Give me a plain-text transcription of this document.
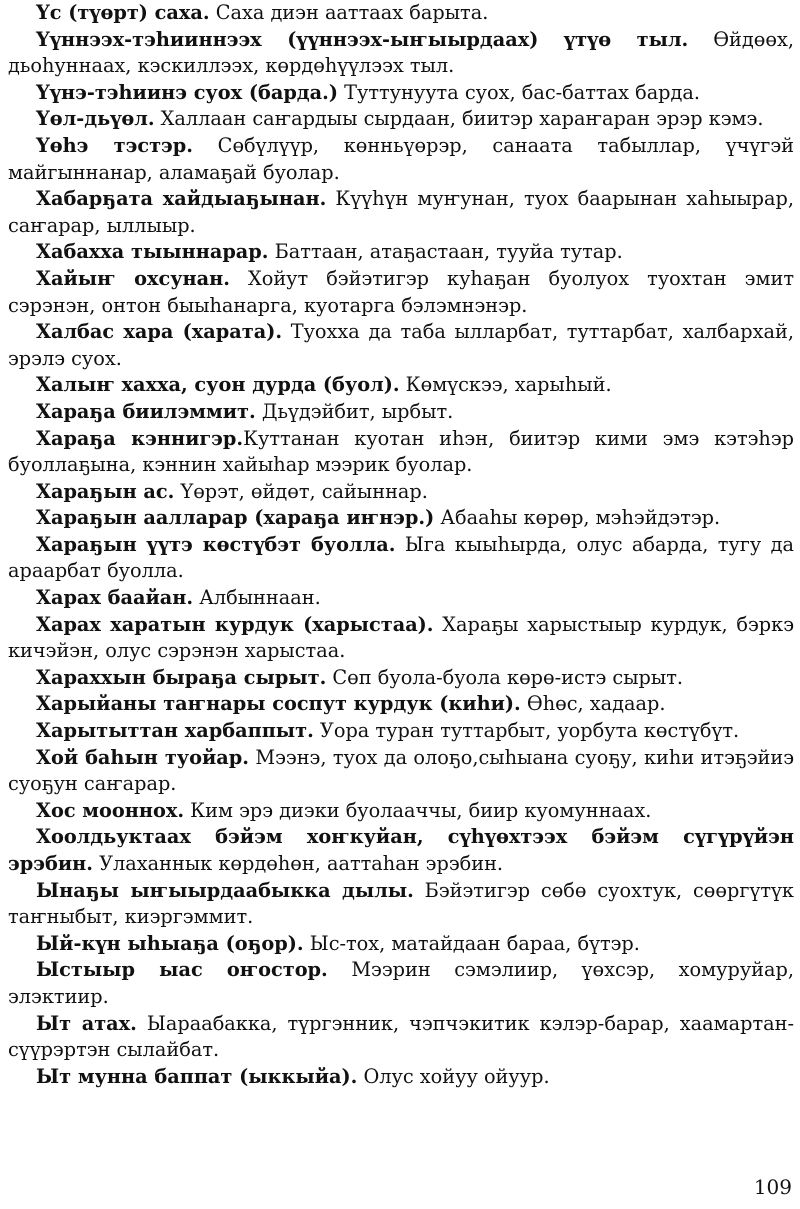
Үс (түөрт) саха. Саха диэн ааттаах барыта.

Үүннээх-тэһииннээх (үүннээх-ыҥыырдаах) үтүө тыл. Өйдөөх, дьоһуннаах, кэскиллээх, көрдөһүүлээх тыл.

Үүнэ-тэһиинэ суох (барда.) Туттунуута суох, бас-баттах барда.

Үөл-дьүөл. Халлаан саҥардыы сырдаан, биитэр хараҥаран эрэр кэмэ.

Үөһэ тэстэр. Сөбүлүүр, көнньүөрэр, санаата табыллар, үчүгэй майгыннанар, аламаҕай буолар.

Хабарҕата хайдыаҕынан. Күүһүн муҥунан, туох баарынан хаһыырар, саҥарар, ыллыыр.

Хабахха тыыннарар. Баттаан, атаҕастаан, тууйа тутар.

Хайыҥ охсунан. Хойут бэйэтигэр куһаҕан буолуох туохтан эмит сэрэнэн, онтон быыһанарга, куотарга бэлэмнэнэр.

Халбас хара (харата). Туохха да таба ылларбат, туттарбат, халбархай, эрэлэ суох.

Халыҥ хахха, суон дурда (буол). Көмүскээ, харыһый.

Хараҕа биилэммит. Дьүдэйбит, ырбыт.

Хараҕа кэннигэр.Куттанан куотан иһэн, биитэр кими эмэ кэтэһэр буоллаҕына, кэннин хайыһар мээрик буолар.

Хараҕын ас. Үөрэт, өйдөт, сайыннар.

Хараҕын аалларар (хараҕа иҥнэр.) Абааһы көрөр, мэһэйдэтэр.

Хараҕын үүтэ көстүбэт буолла. Ыга кыыһырда, олус абарда, тугу да араарбат буолла.

Харах баайан. Албыннаан.

Харах харатын курдук (харыстаа). Хараҕы харыстыыр курдук, бэркэ кичэйэн, олус сэрэнэн харыстаа.

Хараххын быраҕа сырыт. Сөп буола-буола көрө-истэ сырыт.

Харыйаны таҥнары соспут курдук (киһи). Өһөс, хадаар.

Харытыттан харбаппыт. Уора туран туттарбыт, уорбута көстүбүт.

Хой баһын туойар. Мээнэ, туох да олоҕо,сыһыана суоҕу, киһи итэҕэйиэ суоҕун саҥарар.

Хос мооннох. Ким эрэ диэки буолааччы, биир куомуннаах.

Хоолдьуктаах бэйэм хоҥкуйан, сүһүөхтээх бэйэм сүгүрүйэн эрэбин. Улаханнык көрдөһөн, ааттаһан эрэбин.

Ынаҕы ыҥыырдаабыкка дылы. Бэйэтигэр сөбө суохтук, сөөргүтүк таҥныбыт, киэргэммит.

Ый-күн ыһыаҕа (оҕор). Ыс-тох, матайдаан бараа, бүтэр.

Ыстыыр ыас оҥостор. Мээрин сэмэлиир, үөхсэр, хомуруйар, элэктиир.

Ыт атах. Ыараабакка, түргэнник, чэпчэкитик кэлэр-барар, хаамартан-сүүрэртэн сылайбат.

Ыт мунна баппат (ыккыйа). Олус хойуу ойуур.

109
